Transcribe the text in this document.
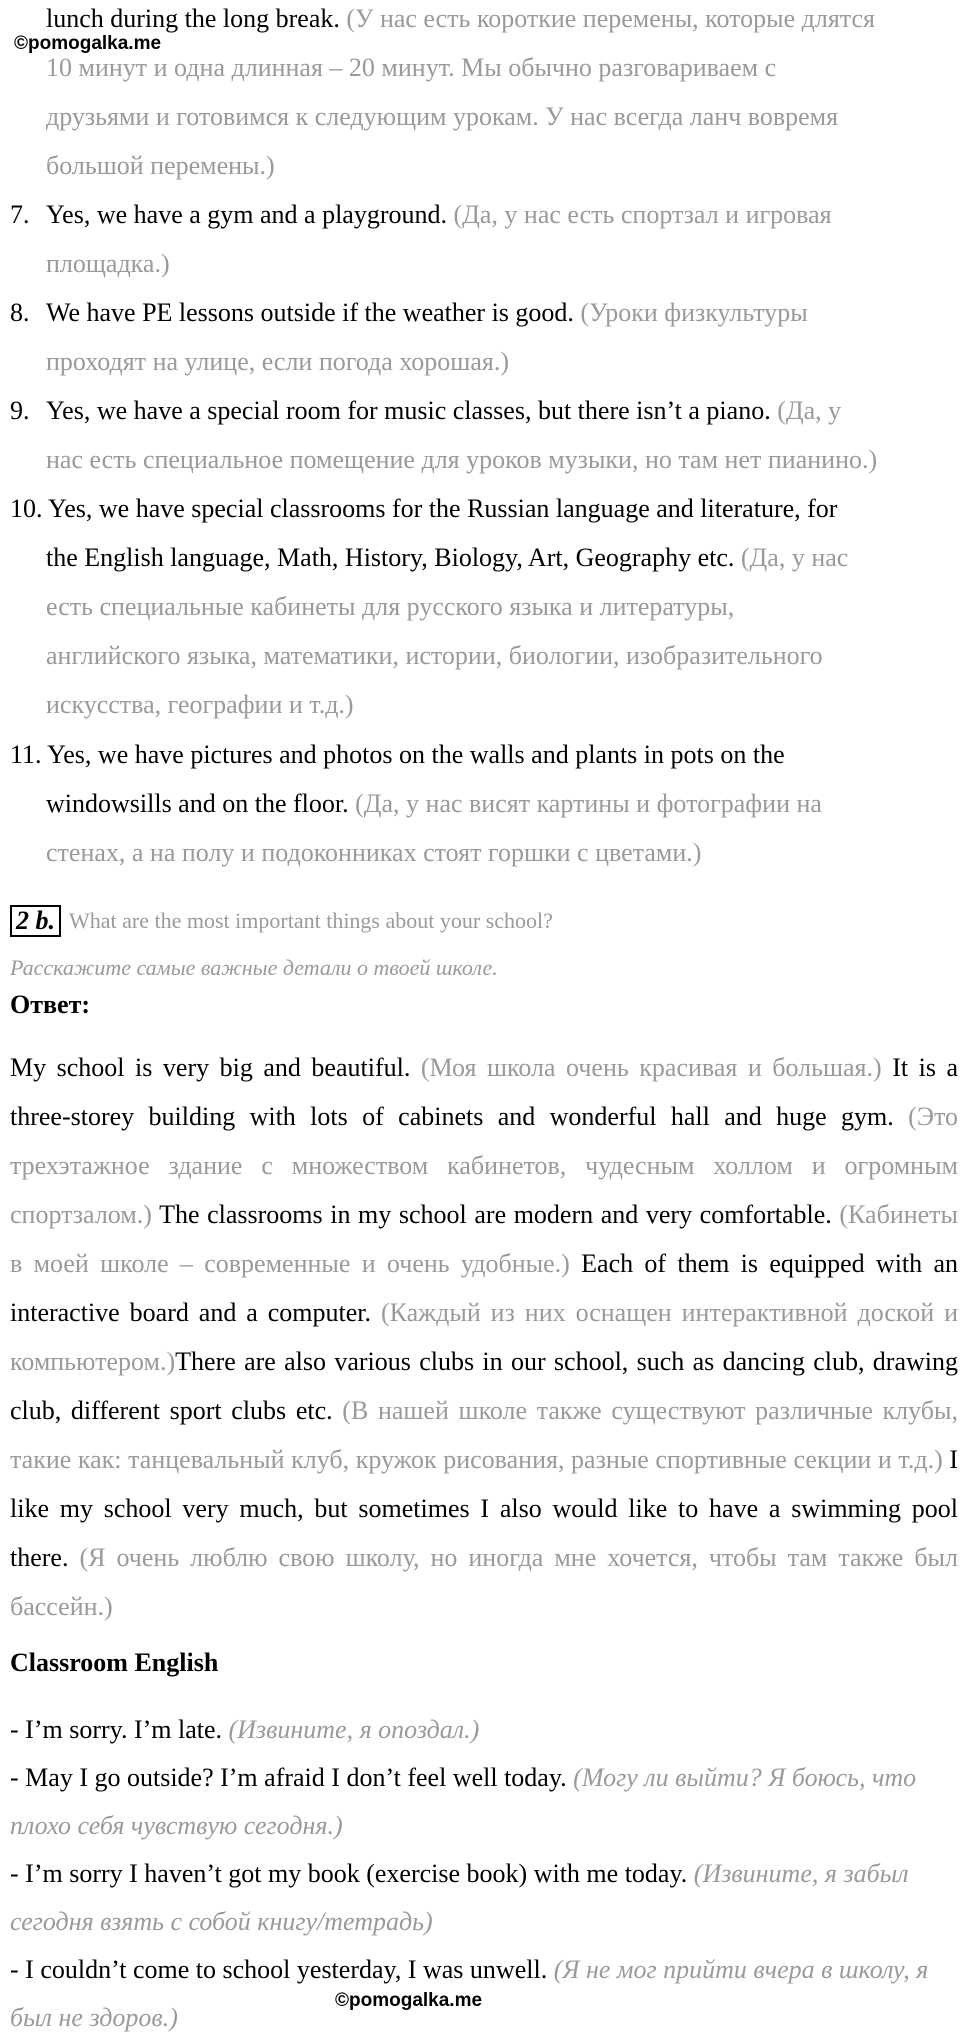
©pomogalka.me
lunch during the long break. (У нас есть короткие перемены, которые длятся
10 минут и одна длинная – 20 минут. Мы обычно разговариваем с
друзьями и готовимся к следующим урокам. У нас всегда ланч вовремя
большой перемены.)
7. Yes, we have a gym and a playground. (Да, у нас есть спортзал и игровая
площадка.)
8. We have PE lessons outside if the weather is good. (Уроки физкультуры
проходят на улице, если погода хорошая.)
9. Yes, we have a special room for music classes, but there isn’t a piano. (Да, у
нас есть специальное помещение для уроков музыки, но там нет пианино.)
10. Yes, we have special classrooms for the Russian language and literature, for
the English language, Math, History, Biology, Art, Geography etc. (Да, у нас
есть специальные кабинеты для русского языка и литературы,
английского языка, математики, истории, биологии, изобразительного
искусства, географии и т.д.)
11. Yes, we have pictures and photos on the walls and plants in pots on the
windowsills and on the floor. (Да, у нас висят картины и фотографии на
стенах, а на полу и подоконниках стоят горшки с цветами.)
2 b. What are the most important things about your school?
Расскажите самые важные детали о твоей школе.
Ответ:
My school is very big and beautiful. (Моя школа очень красивая и большая.) It is a three-storey building with lots of cabinets and wonderful hall and huge gym. (Это трехэтажное здание с множеством кабинетов, чудесным холлом и огромным спортзалом.) The classrooms in my school are modern and very comfortable. (Кабинеты в моей школе – современные и очень удобные.) Each of them is equipped with an interactive board and a computer. (Каждый из них оснащен интерактивной доской и компьютером.)There are also various clubs in our school, such as dancing club, drawing club, different sport clubs etc. (В нашей школе также существуют различные клубы, такие как: танцевальный клуб, кружок рисования, разные спортивные секции и т.д.) I like my school very much, but sometimes I also would like to have a swimming pool there. (Я очень люблю свою школу, но иногда мне хочется, чтобы там также был бассейн.)
Classroom English

- I’m sorry. I’m late. (Извините, я опоздал.)

- May I go outside? I’m afraid I don’t feel well today. (Могу ли выйти? Я боюсь, что плохо себя чувствую сегодня.)

- I’m sorry I haven’t got my book (exercise book) with me today. (Извините, я забыл сегодня взять с собой книгу/тетрадь)

- I couldn’t come to school yesterday, I was unwell. (Я не мог прийти вчера в школу, я был не здоров.)

©pomogalka.me
